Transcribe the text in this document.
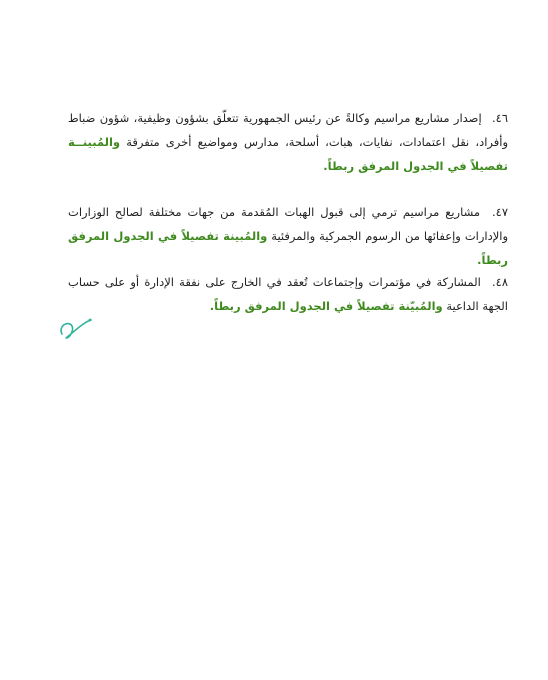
٤٦. إصدار مشاريع مراسيم وكالةً عن رئيس الجمهورية تتعلّق بشؤون وظيفية، شؤون ضباط وأفراد، نقل اعتمادات، نفايات، هبات، أسلحة، مدارس ومواضيع أخرى متفرقة والمُبينــة تفصيلاً في الجدول المرفق ربطاً.

٤٧. مشاريع مراسيم ترمي إلى قبول الهبات المُقدمة من جهات مختلفة لصالح الوزارات والإدارات وإعفائها من الرسوم الجمركية والمرفئية والمُبينة تفصيلاً في الجدول المرفق ربطاً.

٤٨. المشاركة في مؤتمرات وإجتماعات تُعقد في الخارج على نفقة الإدارة أو على حساب الجهة الداعية والمُبيّنة تفصيلاً في الجدول المرفق ربطاً.
